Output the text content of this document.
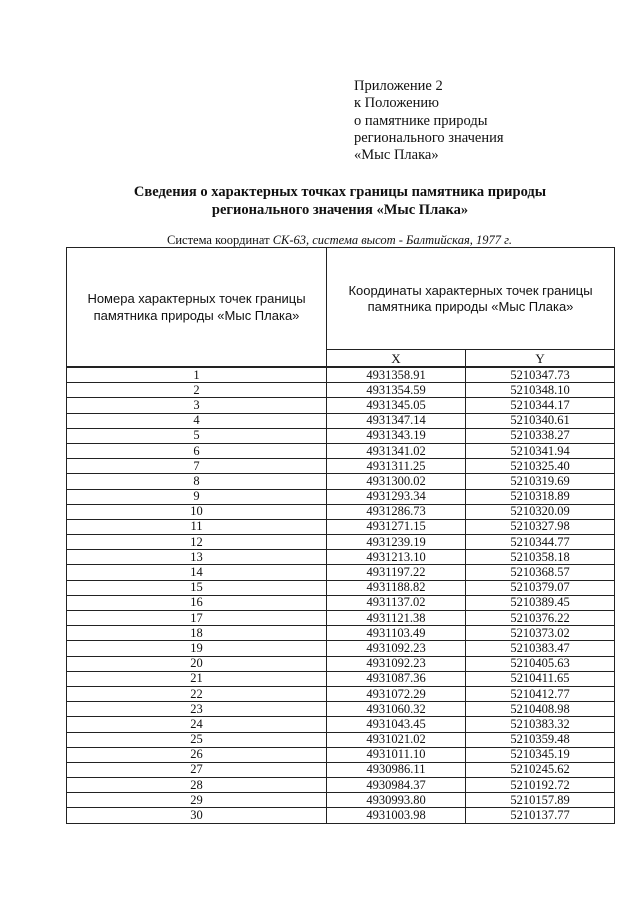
Приложение 2
к Положению
о памятнике природы
регионального значения
«Мыс Плака»
Сведения о характерных точках границы памятника природы
регионального значения «Мыс Плака»
Система координат СК-63, система высот - Балтийская, 1977 г.
Номера характерных точек границы памятника природы «Мыс Плака»	Координаты характерных точек границы памятника природы «Мыс Плака»	
	X	Y
1	4931358.91	5210347.73
2	4931354.59	5210348.10
3	4931345.05	5210344.17
4	4931347.14	5210340.61
5	4931343.19	5210338.27
6	4931341.02	5210341.94
7	4931311.25	5210325.40
8	4931300.02	5210319.69
9	4931293.34	5210318.89
10	4931286.73	5210320.09
11	4931271.15	5210327.98
12	4931239.19	5210344.77
13	4931213.10	5210358.18
14	4931197.22	5210368.57
15	4931188.82	5210379.07
16	4931137.02	5210389.45
17	4931121.38	5210376.22
18	4931103.49	5210373.02
19	4931092.23	5210383.47
20	4931092.23	5210405.63
21	4931087.36	5210411.65
22	4931072.29	5210412.77
23	4931060.32	5210408.98
24	4931043.45	5210383.32
25	4931021.02	5210359.48
26	4931011.10	5210345.19
27	4930986.11	5210245.62
28	4930984.37	5210192.72
29	4930993.80	5210157.89
30	4931003.98	5210137.77
